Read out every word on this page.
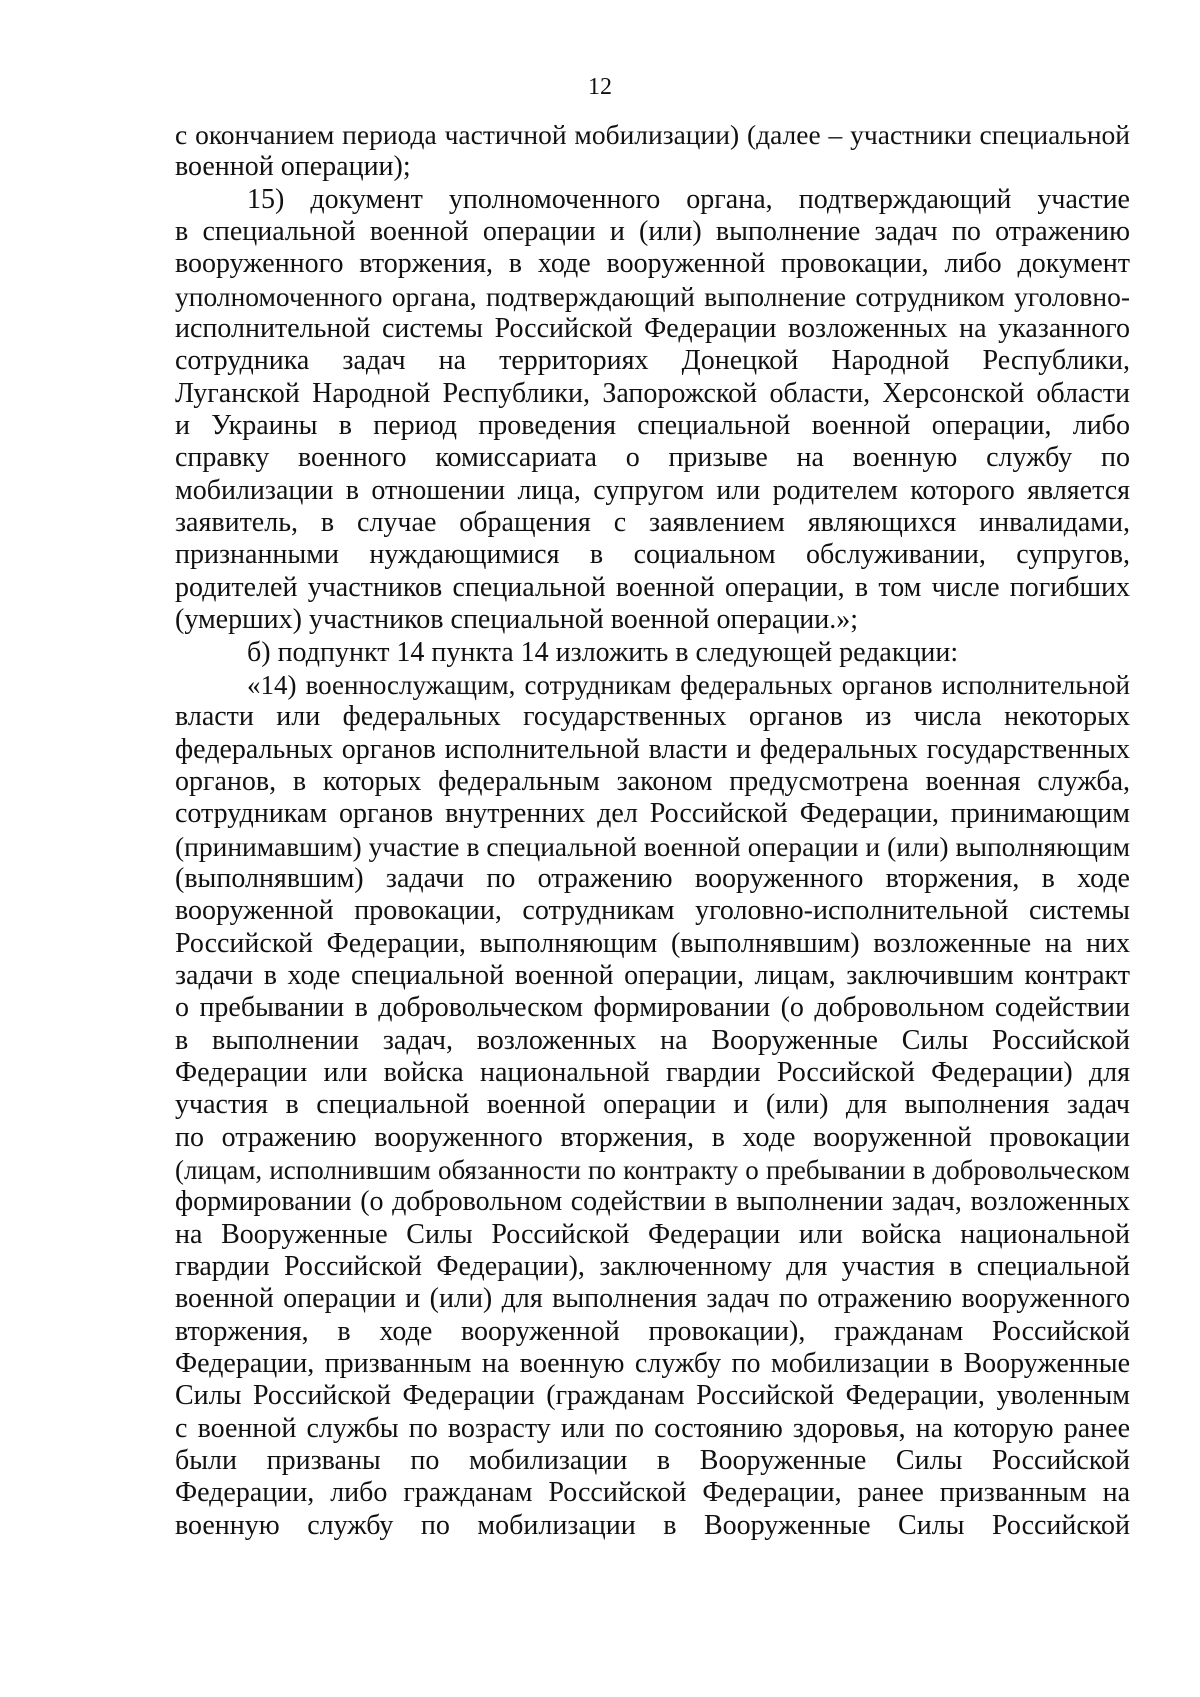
12
с окончанием периода частичной мобилизации) (далее – участники специальной
военной операции);
15) документ уполномоченного органа, подтверждающий участие
в специальной военной операции и (или) выполнение задач по отражению
вооруженного вторжения, в ходе вооруженной провокации, либо документ
уполномоченного органа, подтверждающий выполнение сотрудником уголовно-
исполнительной системы Российской Федерации возложенных на указанного
сотрудника задач на территориях Донецкой Народной Республики,
Луганской Народной Республики, Запорожской области, Херсонской области
и Украины в период проведения специальной военной операции, либо
справку военного комиссариата о призыве на военную службу по
мобилизации в отношении лица, супругом или родителем которого является
заявитель, в случае обращения с заявлением являющихся инвалидами,
признанными нуждающимися в социальном обслуживании, супругов,
родителей участников специальной военной операции, в том числе погибших
(умерших) участников специальной военной операции.»;
б) подпункт 14 пункта 14 изложить в следующей редакции:
«14) военнослужащим, сотрудникам федеральных органов исполнительной
власти или федеральных государственных органов из числа некоторых
федеральных органов исполнительной власти и федеральных государственных
органов, в которых федеральным законом предусмотрена военная служба,
сотрудникам органов внутренних дел Российской Федерации, принимающим
(принимавшим) участие в специальной военной операции и (или) выполняющим
(выполнявшим) задачи по отражению вооруженного вторжения, в ходе
вооруженной провокации, сотрудникам уголовно-исполнительной системы
Российской Федерации, выполняющим (выполнявшим) возложенные на них
задачи в ходе специальной военной операции, лицам, заключившим контракт
о пребывании в добровольческом формировании (о добровольном содействии
в выполнении задач, возложенных на Вооруженные Силы Российской
Федерации или войска национальной гвардии Российской Федерации) для
участия в специальной военной операции и (или) для выполнения задач
по отражению вооруженного вторжения, в ходе вооруженной провокации
(лицам, исполнившим обязанности по контракту о пребывании в добровольческом
формировании (о добровольном содействии в выполнении задач, возложенных
на Вооруженные Силы Российской Федерации или войска национальной
гвардии Российской Федерации), заключенному для участия в специальной
военной операции и (или) для выполнения задач по отражению вооруженного
вторжения, в ходе вооруженной провокации), гражданам Российской
Федерации, призванным на военную службу по мобилизации в Вооруженные
Силы Российской Федерации (гражданам Российской Федерации, уволенным
с военной службы по возрасту или по состоянию здоровья, на которую ранее
были призваны по мобилизации в Вооруженные Силы Российской
Федерации, либо гражданам Российской Федерации, ранее призванным на
военную службу по мобилизации в Вооруженные Силы Российской
